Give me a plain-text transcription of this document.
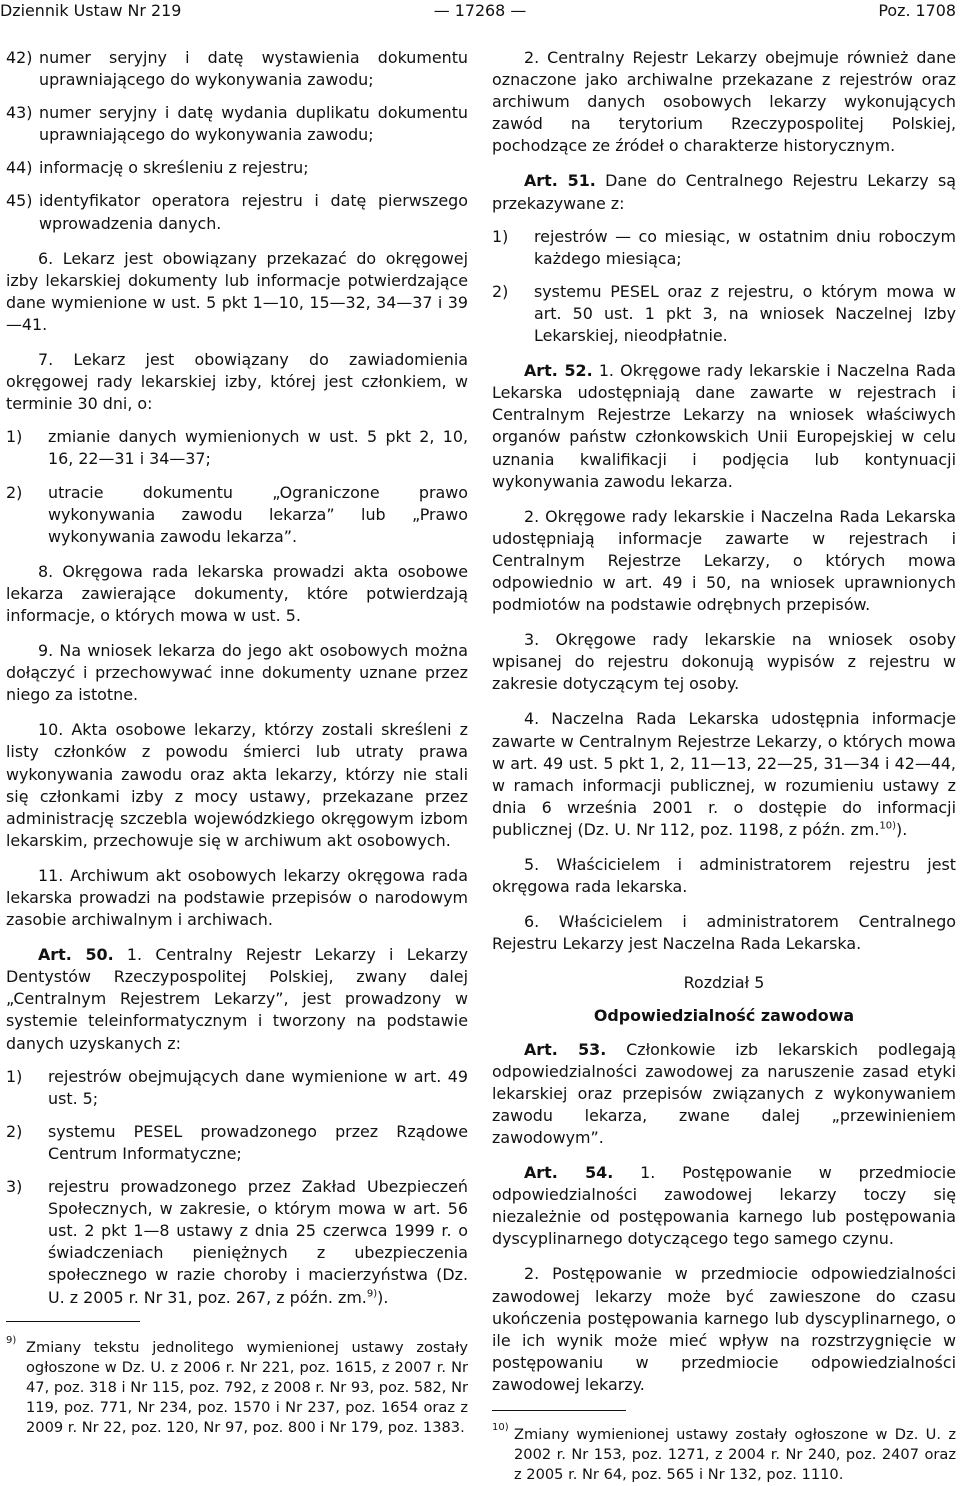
Dziennik Ustaw Nr 219	— 17268 —	Poz. 1708
42) numer seryjny i datę wystawienia dokumentu uprawniającego do wykonywania zawodu;
43) numer seryjny i datę wydania duplikatu dokumentu uprawniającego do wykonywania zawodu;
44) informację o skreśleniu z rejestru;
45) identyfikator operatora rejestru i datę pierwszego wprowadzenia danych.

6. Lekarz jest obowiązany przekazać do okręgowej izby lekarskiej dokumenty lub informacje potwierdzające dane wymienione w ust. 5 pkt 1—10, 15—32, 34—37 i 39—41.

7. Lekarz jest obowiązany do zawiadomienia okręgowej rady lekarskiej izby, której jest członkiem, w terminie 30 dni, o:

1) zmianie danych wymienionych w ust. 5 pkt 2, 10, 16, 22—31 i 34—37;
2) utracie dokumentu „Ograniczone prawo wykonywania zawodu lekarza” lub „Prawo wykonywania zawodu lekarza”.

8. Okręgowa rada lekarska prowadzi akta osobowe lekarza zawierające dokumenty, które potwierdzają informacje, o których mowa w ust. 5.

9. Na wniosek lekarza do jego akt osobowych można dołączyć i przechowywać inne dokumenty uznane przez niego za istotne.

10. Akta osobowe lekarzy, którzy zostali skreśleni z listy członków z powodu śmierci lub utraty prawa wykonywania zawodu oraz akta lekarzy, którzy nie stali się członkami izby z mocy ustawy, przekazane przez administrację szczebla wojewódzkiego okręgowym izbom lekarskim, przechowuje się w archiwum akt osobowych.

11. Archiwum akt osobowych lekarzy okręgowa rada lekarska prowadzi na podstawie przepisów o narodowym zasobie archiwalnym i archiwach.

Art. 50. 1. Centralny Rejestr Lekarzy i Lekarzy Dentystów Rzeczypospolitej Polskiej, zwany dalej „Centralnym Rejestrem Lekarzy”, jest prowadzony w systemie teleinformatycznym i tworzony na podstawie danych uzyskanych z:

1) rejestrów obejmujących dane wymienione w art. 49 ust. 5;
2) systemu PESEL prowadzonego przez Rządowe Centrum Informatyczne;
3) rejestru prowadzonego przez Zakład Ubezpieczeń Społecznych, w zakresie, o którym mowa w art. 56 ust. 2 pkt 1—8 ustawy z dnia 25 czerwca 1999 r. o świadczeniach pieniężnych z ubezpieczenia społecznego w razie choroby i macierzyństwa (Dz. U. z 2005 r. Nr 31, poz. 267, z późn. zm.$^{9)}$).
9) Zmiany tekstu jednolitego wymienionej ustawy zostały ogłoszone w Dz. U. z 2006 r. Nr 221, poz. 1615, z 2007 r. Nr 47, poz. 318 i Nr 115, poz. 792, z 2008 r. Nr 93, poz. 582, Nr 119, poz. 771, Nr 234, poz. 1570 i Nr 237, poz. 1654 oraz z 2009 r. Nr 22, poz. 120, Nr 97, poz. 800 i Nr 179, poz. 1383.

2. Centralny Rejestr Lekarzy obejmuje również dane oznaczone jako archiwalne przekazane z rejestrów oraz archiwum danych osobowych lekarzy wykonujących zawód na terytorium Rzeczypospolitej Polskiej, pochodzące ze źródeł o charakterze historycznym.

Art. 51. Dane do Centralnego Rejestru Lekarzy są przekazywane z:

1) rejestrów — co miesiąc, w ostatnim dniu roboczym każdego miesiąca;
2) systemu PESEL oraz z rejestru, o którym mowa w art. 50 ust. 1 pkt 3, na wniosek Naczelnej Izby Lekarskiej, nieodpłatnie.

Art. 52. 1. Okręgowe rady lekarskie i Naczelna Rada Lekarska udostępniają dane zawarte w rejestrach i Centralnym Rejestrze Lekarzy na wniosek właściwych organów państw członkowskich Unii Europejskiej w celu uznania kwalifikacji i podjęcia lub kontynuacji wykonywania zawodu lekarza.

2. Okręgowe rady lekarskie i Naczelna Rada Lekarska udostępniają informacje zawarte w rejestrach i Centralnym Rejestrze Lekarzy, o których mowa odpowiednio w art. 49 i 50, na wniosek uprawnionych podmiotów na podstawie odrębnych przepisów.

3. Okręgowe rady lekarskie na wniosek osoby wpisanej do rejestru dokonują wypisów z rejestru w zakresie dotyczącym tej osoby.

4. Naczelna Rada Lekarska udostępnia informacje zawarte w Centralnym Rejestrze Lekarzy, o których mowa w art. 49 ust. 5 pkt 1, 2, 11—13, 22—25, 31—34 i 42—44, w ramach informacji publicznej, w rozumieniu ustawy z dnia 6 września 2001 r. o dostępie do informacji publicznej (Dz. U. Nr 112, poz. 1198, z późn. zm.$^{10)}$).

5. Właścicielem i administratorem rejestru jest okręgowa rada lekarska.

6. Właścicielem i administratorem Centralnego Rejestru Lekarzy jest Naczelna Rada Lekarska.

Rozdział 5

Odpowiedzialność zawodowa

Art. 53. Członkowie izb lekarskich podlegają odpowiedzialności zawodowej za naruszenie zasad etyki lekarskiej oraz przepisów związanych z wykonywaniem zawodu lekarza, zwane dalej „przewinieniem zawodowym”.

Art. 54. 1. Postępowanie w przedmiocie odpowiedzialności zawodowej lekarzy toczy się niezależnie od postępowania karnego lub postępowania dyscyplinarnego dotyczącego tego samego czynu.

2. Postępowanie w przedmiocie odpowiedzialności zawodowej lekarzy może być zawieszone do czasu ukończenia postępowania karnego lub dyscyplinarnego, o ile ich wynik może mieć wpływ na rozstrzygnięcie w postępowaniu w przedmiocie odpowiedzialności zawodowej lekarzy.

10) Zmiany wymienionej ustawy zostały ogłoszone w Dz. U. z 2002 r. Nr 153, poz. 1271, z 2004 r. Nr 240, poz. 2407 oraz z 2005 r. Nr 64, poz. 565 i Nr 132, poz. 1110.
